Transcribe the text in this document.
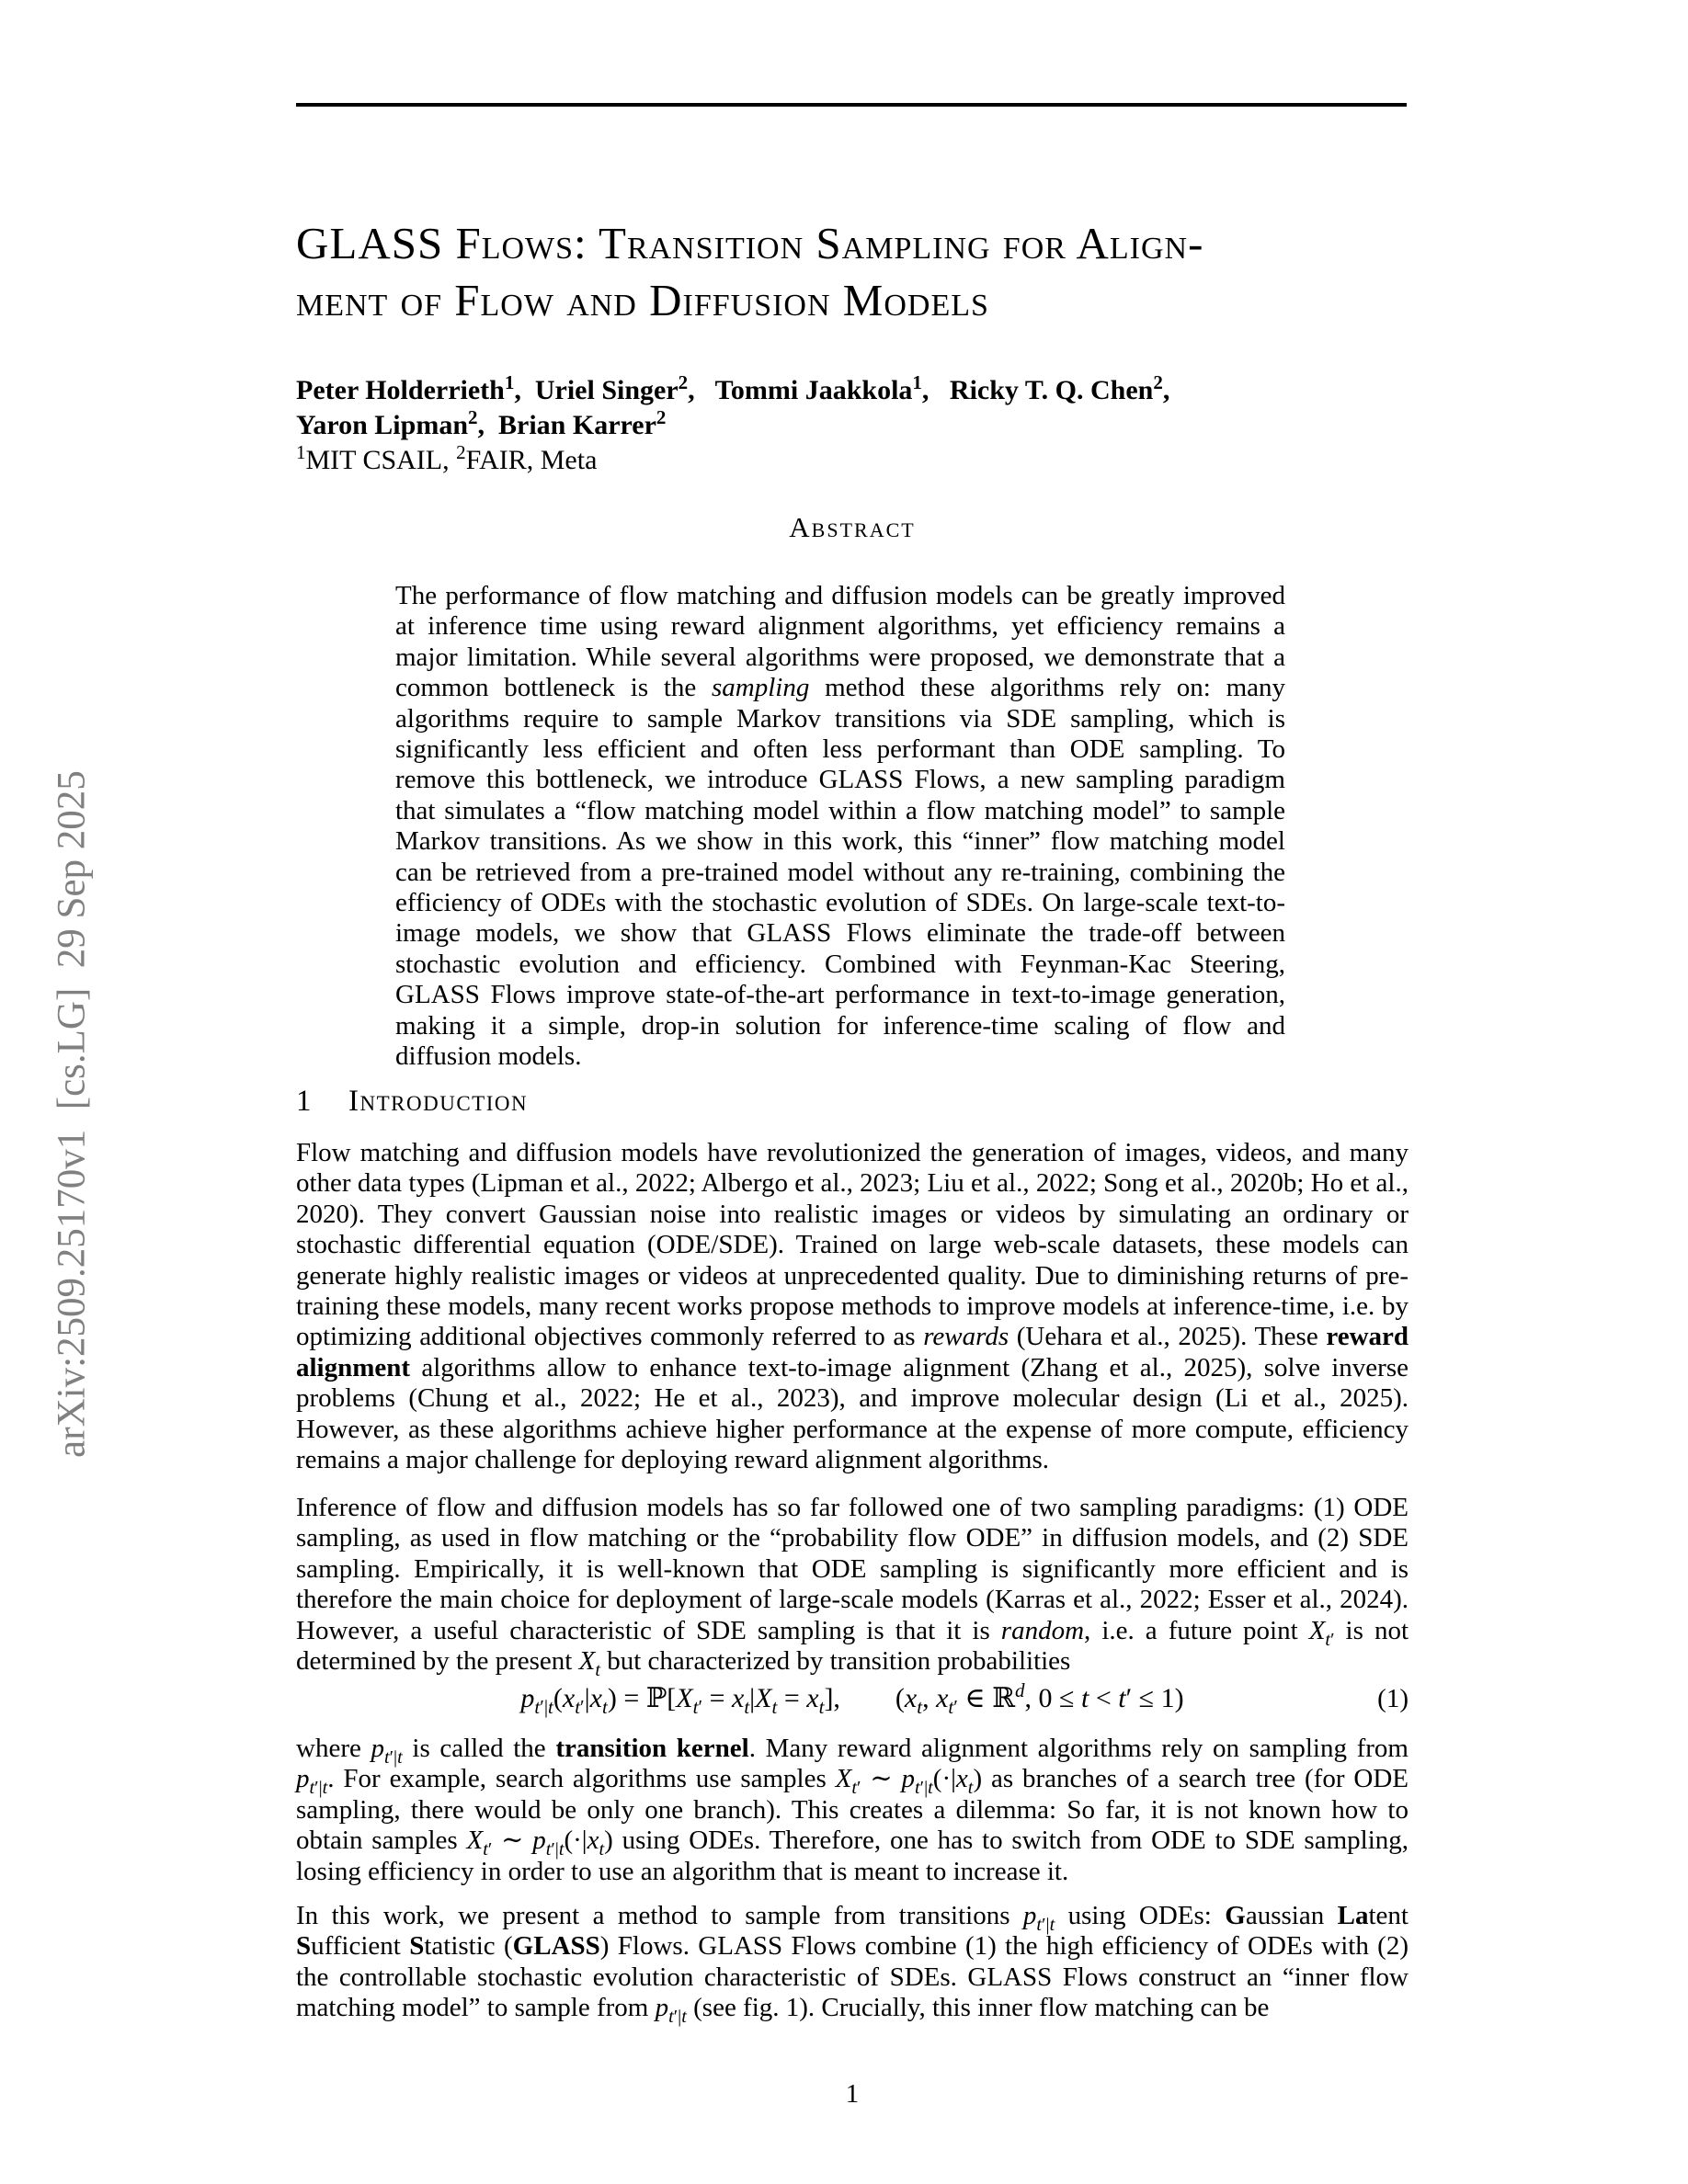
arXiv:2509.25170v1  [cs.LG]  29 Sep 2025
GLASS Flows: Transition Sampling for Align-
ment of Flow and Diffusion Models
Peter Holderrieth$^1$,  Uriel Singer$^2$,   Tommi Jaakkola$^1$,   Ricky T. Q. Chen$^2$,
Yaron Lipman$^2$,  Brian Karrer$^2$
$^1$MIT CSAIL, $^2$FAIR, Meta
Abstract
The performance of flow matching and diffusion models can be greatly improved at inference time using reward alignment algorithms, yet efficiency remains a major limitation. While several algorithms were proposed, we demonstrate that a common bottleneck is the sampling method these algorithms rely on: many algorithms require to sample Markov transitions via SDE sampling, which is significantly less efficient and often less performant than ODE sampling. To remove this bottleneck, we introduce GLASS Flows, a new sampling paradigm that simulates a “flow matching model within a flow matching model” to sample Markov transitions. As we show in this work, this “inner” flow matching model can be retrieved from a pre-trained model without any re-training, combining the efficiency of ODEs with the stochastic evolution of SDEs. On large-scale text-to-image models, we show that GLASS Flows eliminate the trade-off between stochastic evolution and efficiency. Combined with Feynman-Kac Steering, GLASS Flows improve state-of-the-art performance in text-to-image generation, making it a simple, drop-in solution for inference-time scaling of flow and diffusion models.
1 Introduction
Flow matching and diffusion models have revolutionized the generation of images, videos, and many other data types (Lipman et al., 2022; Albergo et al., 2023; Liu et al., 2022; Song et al., 2020b; Ho et al., 2020). They convert Gaussian noise into realistic images or videos by simulating an ordinary or stochastic differential equation (ODE/SDE). Trained on large web-scale datasets, these models can generate highly realistic images or videos at unprecedented quality. Due to diminishing returns of pre-training these models, many recent works propose methods to improve models at inference-time, i.e. by optimizing additional objectives commonly referred to as rewards (Uehara et al., 2025). These reward alignment algorithms allow to enhance text-to-image alignment (Zhang et al., 2025), solve inverse problems (Chung et al., 2022; He et al., 2023), and improve molecular design (Li et al., 2025). However, as these algorithms achieve higher performance at the expense of more compute, efficiency remains a major challenge for deploying reward alignment algorithms.
Inference of flow and diffusion models has so far followed one of two sampling paradigms: (1) ODE sampling, as used in flow matching or the “probability flow ODE” in diffusion models, and (2) SDE sampling. Empirically, it is well-known that ODE sampling is significantly more efficient and is therefore the main choice for deployment of large-scale models (Karras et al., 2022; Esser et al., 2024). However, a useful characteristic of SDE sampling is that it is random, i.e. a future point $X_{t'}$ is not determined by the present $X_t$ but characterized by transition probabilities
$p_{t'|t}(x_{t'}|x_t)$ = $ℙ[X_{t'} = x_t|X_t = x_t]$,  ($x_t$, $x_{t'}$ ∈ ℝ$^d$, 0 ≤ t < t′ ≤ 1)	(1)
where $p_{t'|t}$ is called the transition kernel. Many reward alignment algorithms rely on sampling from $p_{t'|t}$. For example, search algorithms use samples $X_{t'}$ ∼ $p_{t'|t}(\cdot|x_t)$ as branches of a search tree (for ODE sampling, there would be only one branch). This creates a dilemma: So far, it is not known how to obtain samples $X_{t'}$ ∼ $p_{t'|t}(\cdot|x_t)$ using ODEs. Therefore, one has to switch from ODE to SDE sampling, losing efficiency in order to use an algorithm that is meant to increase it.
In this work, we present a method to sample from transitions $p_{t'|t}$ using ODEs: Gaussian Latent Sufficient Statistic (GLASS) Flows. GLASS Flows combine (1) the high efficiency of ODEs with (2) the controllable stochastic evolution characteristic of SDEs. GLASS Flows construct an “inner flow matching model” to sample from $p_{t'|t}$ (see fig. 1). Crucially, this inner flow matching can be
1
